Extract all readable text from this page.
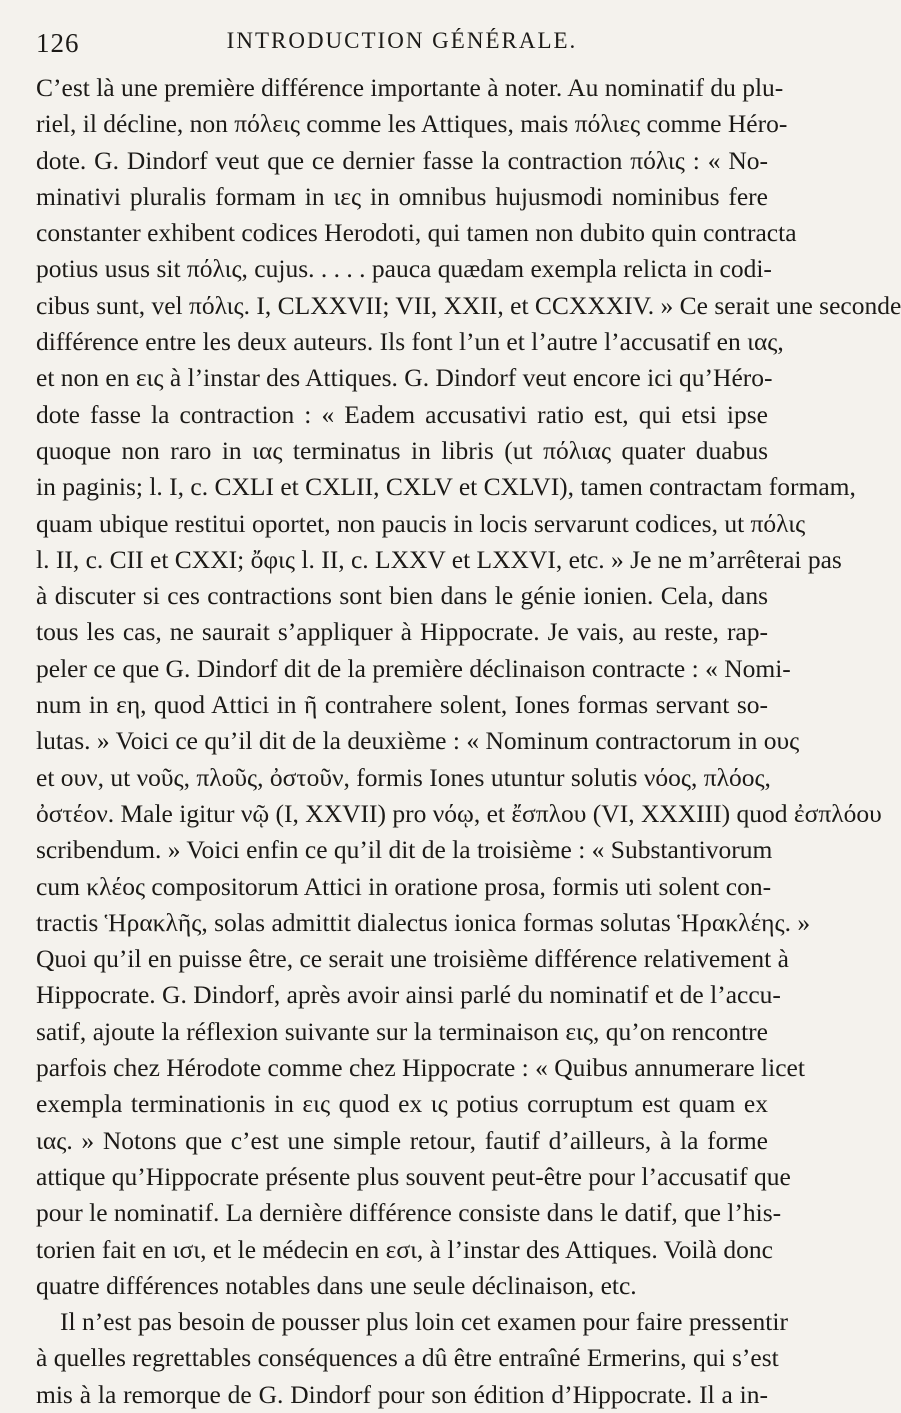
126	INTRODUCTION GÉNÉRALE.
C’est là une première différence importante à noter. Au nominatif du plu-
riel, il décline, non πόλεις comme les Attiques, mais πόλιες comme Héro-
dote. G. Dindorf veut que ce dernier fasse la contraction πόλις : « No-
minativi pluralis formam in ιες in omnibus hujusmodi nominibus fere
constanter exhibent codices Herodoti, qui tamen non dubito quin contracta
potius usus sit πόλις, cujus. . . . . pauca quædam exempla relicta in codi-
cibus sunt, vel πόλις. I, CLXXVII; VII, XXII, et CCXXXIV. » Ce serait une seconde
différence entre les deux auteurs. Ils font l’un et l’autre l’accusatif en ιας,
et non en εις à l’instar des Attiques. G. Dindorf veut encore ici qu’Héro-
dote fasse la contraction : « Eadem accusativi ratio est, qui etsi ipse
quoque non raro in ιας terminatus in libris (ut πόλιας quater duabus
in paginis; l. I, c. CXLI et CXLII, CXLV et CXLVI), tamen contractam formam,
quam ubique restitui oportet, non paucis in locis servarunt codices, ut πόλις
l. II, c. CII et CXXI; ὄφις l. II, c. LXXV et LXXVI, etc. » Je ne m’arrêterai pas
à discuter si ces contractions sont bien dans le génie ionien. Cela, dans
tous les cas, ne saurait s’appliquer à Hippocrate. Je vais, au reste, rap-
peler ce que G. Dindorf dit de la première déclinaison contracte : « Nomi-
num in εη, quod Attici in ῆ contrahere solent, Iones formas servant so-
lutas. » Voici ce qu’il dit de la deuxième : « Nominum contractorum in ους
et ουν, ut νοῦς, πλοῦς, ὀστοῦν, formis Iones utuntur solutis νόος, πλόος,
ὀστέον. Male igitur νῷ (I, XXVII) pro νόῳ, et ἔσπλου (VI, XXXIII) quod ἐσπλόου
scribendum. » Voici enfin ce qu’il dit de la troisième : « Substantivorum
cum κλέος compositorum Attici in oratione prosa, formis uti solent con-
tractis Ἡρακλῆς, solas admittit dialectus ionica formas solutas Ἡρακλέης. »
Quoi qu’il en puisse être, ce serait une troisième différence relativement à
Hippocrate. G. Dindorf, après avoir ainsi parlé du nominatif et de l’accu-
satif, ajoute la réflexion suivante sur la terminaison εις, qu’on rencontre
parfois chez Hérodote comme chez Hippocrate : « Quibus annumerare licet
exempla terminationis in εις quod ex ις potius corruptum est quam ex
ιας. » Notons que c’est une simple retour, fautif d’ailleurs, à la forme
attique qu’Hippocrate présente plus souvent peut-être pour l’accusatif que
pour le nominatif. La dernière différence consiste dans le datif, que l’his-
torien fait en ισι, et le médecin en εσι, à l’instar des Attiques. Voilà donc
quatre différences notables dans une seule déclinaison, etc.
Il n’est pas besoin de pousser plus loin cet examen pour faire pressentir
à quelles regrettables conséquences a dû être entraîné Ermerins, qui s’est
mis à la remorque de G. Dindorf pour son édition d’Hippocrate. Il a in-
